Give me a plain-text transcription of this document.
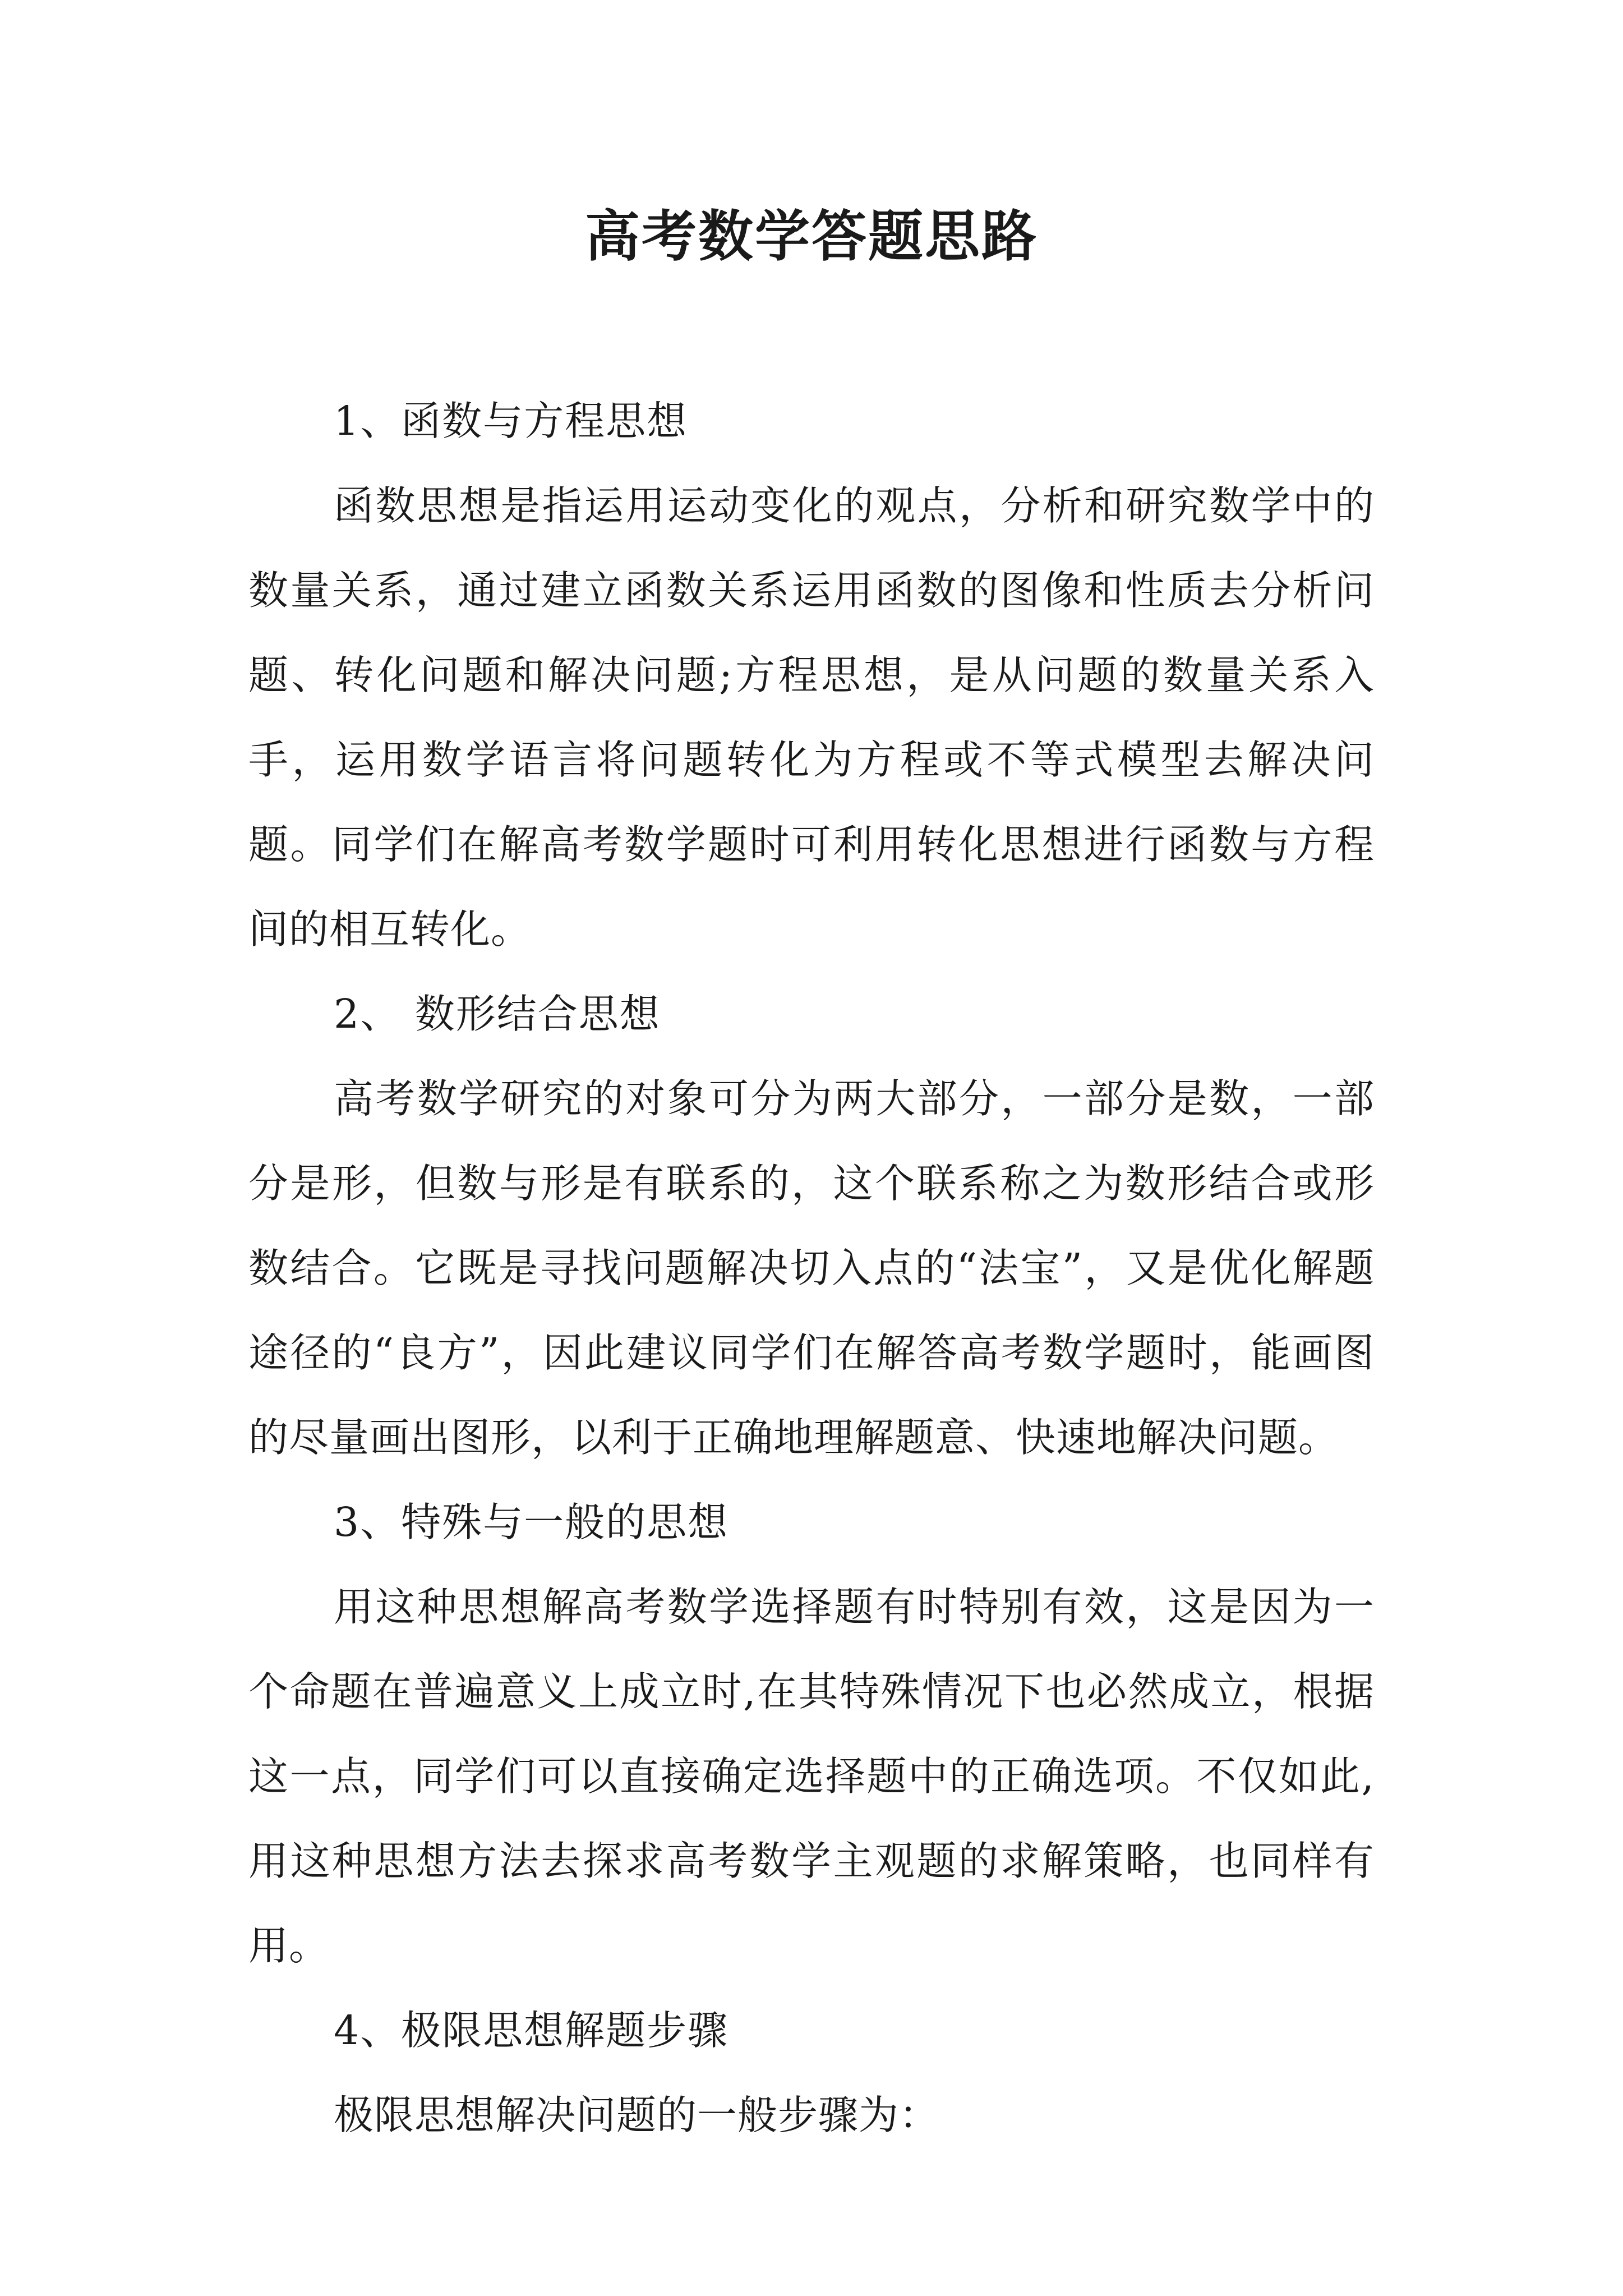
高考数学答题思路

1、函数与方程思想

函数思想是指运用运动变化的观点，分析和研究数学中的数量关系，通过建立函数关系运用函数的图像和性质去分析问题、转化问题和解决问题;方程思想，是从问题的数量关系入手，运用数学语言将问题转化为方程或不等式模型去解决问题。同学们在解高考数学题时可利用转化思想进行函数与方程间的相互转化。

2、 数形结合思想

高考数学研究的对象可分为两大部分，一部分是数，一部分是形，但数与形是有联系的，这个联系称之为数形结合或形数结合。它既是寻找问题解决切入点的“法宝”，又是优化解题途径的“良方”，因此建议同学们在解答高考数学题时，能画图的尽量画出图形，以利于正确地理解题意、快速地解决问题。

3、特殊与一般的思想

用这种思想解高考数学选择题有时特别有效，这是因为一个命题在普遍意义上成立时,在其特殊情况下也必然成立，根据这一点，同学们可以直接确定选择题中的正确选项。不仅如此,用这种思想方法去探求高考数学主观题的求解策略，也同样有用。

4、极限思想解题步骤

极限思想解决问题的一般步骤为：
